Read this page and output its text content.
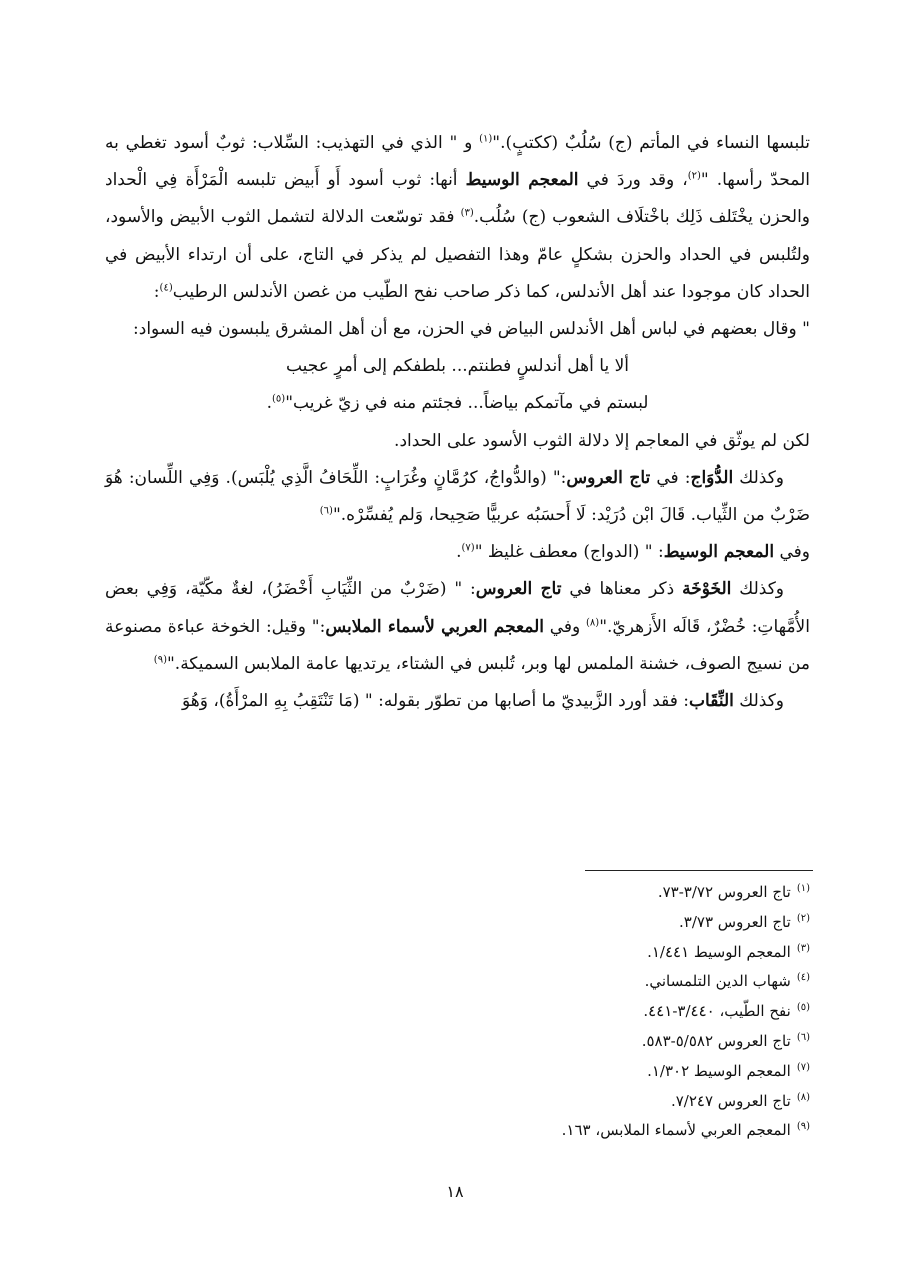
تلبسها النساء في المأتم (ج) سُلُبٌ (ككتبٍ)."$^{(١)}$ و " الذي في التهذيب: السِّلاب: ثوبٌ أسود تغطي به المحدّ رأسها. "$^{(٢)}$، وقد وردَ في المعجم الوسيط أنها: ثوب أسود أَو أَبيض تلبسه الْمَرْأَة فِي الْحداد والحزن يخْتَلف ذَلِك باخْتلَاف الشعوب (ج) سُلُب.$^{(٣)}$ فقد توسّعت الدلالة لتشمل الثوب الأبيض والأسود، ولتُلبس في الحداد والحزن بشكلٍ عامّ وهذا التفصيل لم يذكر في التاج، على أن ارتداء الأبيض في الحداد كان موجودا عند أهل الأندلس، كما ذكر صاحب نفح الطّيب من غصن الأندلس الرطيب$^{(٤)}$:

" وقال بعضهم في لباس أهل الأندلس البياض في الحزن، مع أن أهل المشرق يلبسون فيه السواد:

ألا يا أهل أندلسٍ فطنتم... بلطفكم إلى أمرٍ عجيب

لبستم في مآتمكم بياضاً... فجئتم منه في زيّ غريب"$^{(٥)}$.

لكن لم يوثّق في المعاجم إلا دلالة الثوب الأسود على الحداد.

وكذلك الدُّوَاج: في تاج العروس:" (والدُّواجُ، كرُمَّانٍ وغُرَابٍ: اللِّحَافُ الَّذِي يُلْبَس). وَفِي اللِّسان: هُوَ ضَرْبٌ من الثِّياب. قَالَ ابْن دُرَيْد: لَا أَحسَبُه عربيًّا صَحِيحا، وَلم يُفسِّرْه."$^{(٦)}$

وفي المعجم الوسيط: " (الدواج) معطف غليظ "$^{(٧)}$.

وكذلك الخَوْخَة ذكر معناها في تاج العروس: " (ضَرْبٌ من الثِّيَابِ أَخْضَرُ)، لغةٌ مكّيّة، وَفِي بعض الأُمَّهاتِ: خُضْرٌ، قَالَه الأَزهريّ."$^{(٨)}$ وفي المعجم العربي لأسماء الملابس:" وقيل: الخوخة عباءة مصنوعة من نسيج الصوف، خشنة الملمس لها وبر، تُلبس في الشتاء، يرتديها عامة الملابس السميكة."$^{(٩)}$

وكذلك النِّقَاب: فقد أورد الزَّبيديّ ما أصابها من تطوّر بقوله: " (مَا تَنْتَقِبُ بِهِ المرْأَةُ)، وَهُوَ

$^{(١)}$تاج العروس ٣/٧٢-٧٣.
$^{(٢)}$تاج العروس ٣/٧٣.
$^{(٣)}$المعجم الوسيط ١/٤٤١.
$^{(٤)}$شهاب الدين التلمساني.
$^{(٥)}$نفح الطّيب، ٣/٤٤٠-٤٤١.
$^{(٦)}$تاج العروس ٥/٥٨٢-٥٨٣.
$^{(٧)}$المعجم الوسيط ١/٣٠٢.
$^{(٨)}$تاج العروس ٧/٢٤٧.
$^{(٩)}$المعجم العربي لأسماء الملابس، ١٦٣.
١٨
